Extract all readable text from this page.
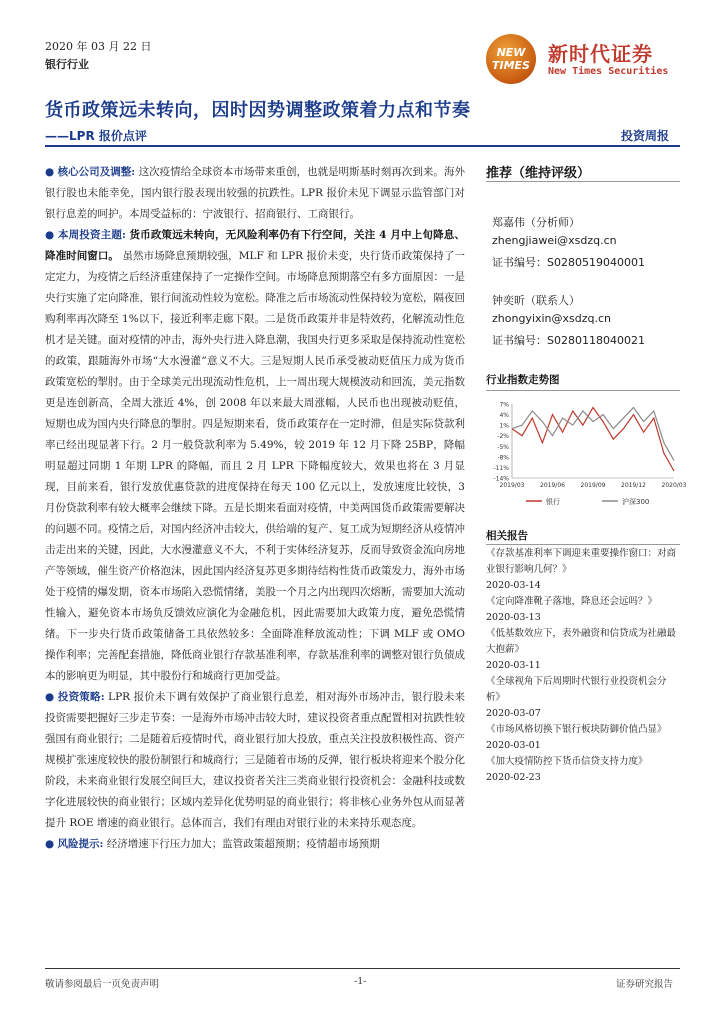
2020 年 03 月 22 日
银行行业
NEW
TIMES 新时代证券
New Times Securities
货币政策远未转向，因时因势调整政策着力点和节奏
——LPR 报价点评	投资周报

● 核心公司及调整: 这次疫情给全球资本市场带来重创，也就是明斯基时刻再次到来。海外银行股也未能幸免，国内银行股表现出较强的抗跌性。LPR 报价未见下调显示监管部门对银行息差的呵护。本周受益标的：宁波银行、招商银行、工商银行。

● 本周投资主题: 货币政策远未转向，无风险利率仍有下行空间，关注 4 月中上旬降息、降准时间窗口。 虽然市场降息预期较强，MLF 和 LPR 报价未变，央行货币政策保持了一定定力，为疫情之后经济重建保持了一定操作空间。市场降息预期落空有多方面原因：一是央行实施了定向降准，银行间流动性较为宽松。降准之后市场流动性保持较为宽松，隔夜回购利率再次降至 1%以下，接近利率走廊下限。二是货币政策并非是特效药，化解流动性危机才是关键。面对疫情的冲击，海外央行进入降息潮，我国央行更多采取是保持流动性宽松的政策，跟随海外市场“大水漫灌”意义不大。三是短期人民币承受被动贬值压力成为货币政策宽松的掣肘。由于全球美元出现流动性危机，上一周出现大规模波动和回流，美元指数更是连创新高，全周大涨近 4%，创 2008 年以来最大周涨幅，人民币也出现被动贬值，短期也成为国内央行降息的掣肘。四是短期来看，货币政策存在一定时滞，但是实际贷款利率已经出现显著下行。2 月一般贷款利率为 5.49%，较 2019 年 12 月下降 25BP，降幅明显超过同期 1 年期 LPR 的降幅，而且 2 月 LPR 下降幅度较大，效果也将在 3 月显现，目前来看，银行发放优惠贷款的进度保持在每天 100 亿元以上，发放速度比较快，3 月份贷款利率有较大概率会继续下降。五是长期来看面对疫情，中美两国货币政策需要解决的问题不同。疫情之后，对国内经济冲击较大，供给端的复产、复工成为短期经济从疫情冲击走出来的关键，因此，大水漫灌意义不大，不利于实体经济复苏，反而导致资金流向房地产等领域，催生资产价格泡沫，因此国内经济复苏更多期待结构性货币政策发力，海外市场处于疫情的爆发期，资本市场陷入恐慌情绪，美股一个月之内出现四次熔断，需要加大流动性输入，避免资本市场负反馈效应演化为金融危机，因此需要加大政策力度，避免恐慌情绪。下一步央行货币政策储备工具依然较多：全面降准释放流动性；下调 MLF 或 OMO 操作利率；完善配套措施，降低商业银行存款基准利率，存款基准利率的调整对银行负债成本的影响更为明显，其中股份行和城商行更加受益。

● 投资策略: LPR 报价未下调有效保护了商业银行息差，相对海外市场冲击，银行股未来投资需要把握好三步走节奏：一是海外市场冲击较大时，建议投资者重点配置相对抗跌性较强国有商业银行；二是随着后疫情时代，商业银行加大投放，重点关注投放积极性高、资产规模扩张速度较快的股份制银行和城商行；三是随着市场的反弹，银行板块将迎来个股分化阶段，未来商业银行发展空间巨大，建议投资者关注三类商业银行投资机会：金融科技或数字化进展较快的商业银行；区域内差异化优势明显的商业银行；将非核心业务外包从而显著提升 ROE 增速的商业银行。总体而言，我们有理由对银行业的未来持乐观态度。

● 风险提示: 经济增速下行压力加大；监管政策超预期；疫情超市场预期

推荐（维持评级）
郑嘉伟（分析师）
zhengjiawei@xsdzq.cn
证书编号：S0280519040001
钟奕昕（联系人）
zhongyixin@xsdzq.cn
证书编号：S0280118040021
行业指数走势图
7%
4%
1%
-2%
-5%
-8%
-11%
-14%
2019/03	2019/06	2019/09	2019/12	2020/03
银行	沪深300
相关报告
《存款基准利率下调迎来重要操作窗口：对商业银行影响几何？》
2020-03-14
《定向降准靴子落地，降息还会远吗？》
2020-03-13
《低基数效应下，表外融资和信贷成为社融最大抱薪》
2020-03-11
《全球视角下后周期时代银行业投资机会分析》
2020-03-07
《市场风格切换下银行板块防御价值凸显》
2020-03-01
《加大疫情防控下货币信贷支持力度》
2020-02-23
敬请参阅最后一页免责声明	-1-	证券研究报告
